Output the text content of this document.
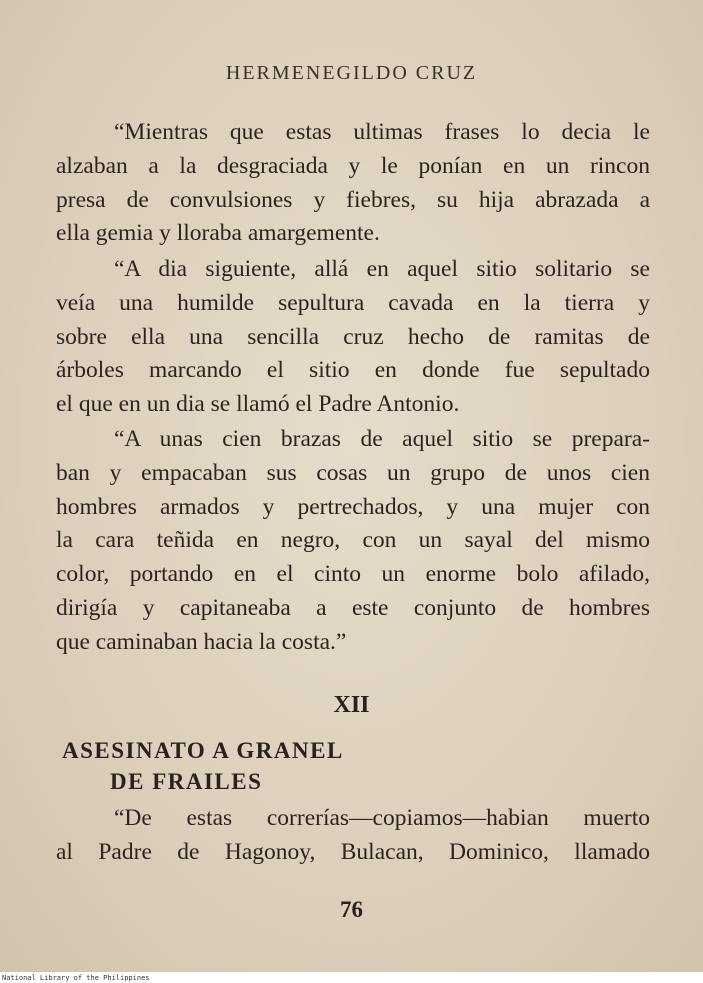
HERMENEGILDO CRUZ
“Mientras que estas ultimas frases lo decia le
alzaban a la desgraciada y le ponían en un rincon
presa de convulsiones y fiebres, su hija abrazada a
ella gemia y lloraba amargemente.
“A dia siguiente, allá en aquel sitio solitario se
veía una humilde sepultura cavada en la tierra y
sobre ella una sencilla cruz hecho de ramitas de
árboles marcando el sitio en donde fue sepultado
el que en un dia se llamó el Padre Antonio.
“A unas cien brazas de aquel sitio se prepara-
ban y empacaban sus cosas un grupo de unos cien
hombres armados y pertrechados, y una mujer con
la cara teñida en negro, con un sayal del mismo
color, portando en el cinto un enorme bolo afilado,
dirigía y capitaneaba a este conjunto de hombres
que caminaban hacia la costa.”
XII
ASESINATO A GRANEL
DE FRAILES
“De estas correrías—copiamos—habian muerto
al Padre de Hagonoy, Bulacan, Dominico, llamado
76
National Library of the Philippines
